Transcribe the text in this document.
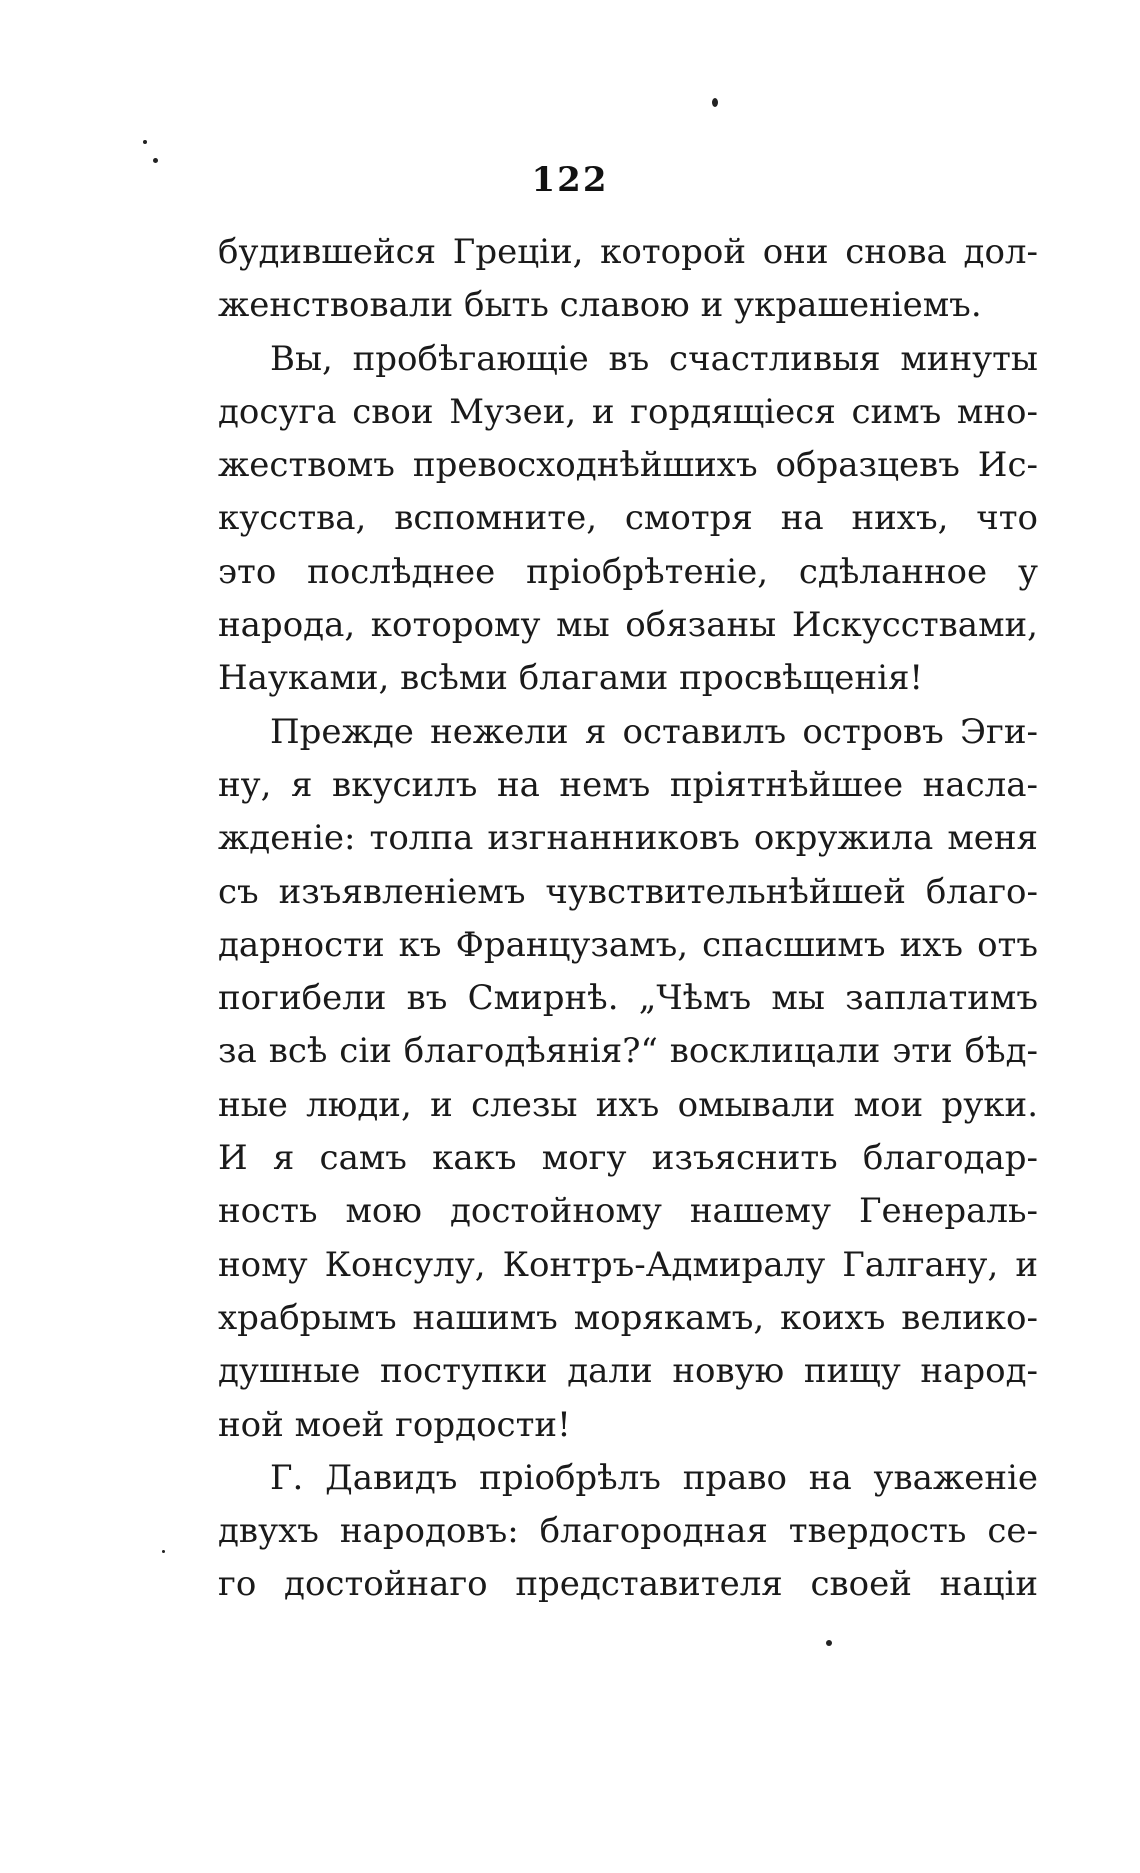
122
будившейся Грецiи, которой они снова дол-
женствовали быть славою и украшенiемъ.
Вы, пробѣгающiе въ счастливыя минуты
досуга свои Музеи, и гордящiеся симъ мно-
жествомъ превосходнѣйшихъ образцевъ Ис-
кусства, вспомните, смотря на нихъ, что
это послѣднее прiобрѣтенiе, сдѣланное у
народа, которому мы обязаны Искусствами,
Науками, всѣми благами просвѣщенiя!
Прежде нежели я оставилъ островъ Эги-
ну, я вкусилъ на немъ прiятнѣйшее насла-
жденiе: толпа изгнанниковъ окружила меня
съ изъявленiемъ чувствительнѣйшей благо-
дарности къ Французамъ, спасшимъ ихъ отъ
погибели въ Смирнѣ. „Чѣмъ мы заплатимъ
за всѣ сiи благодѣянiя?“ восклицали эти бѣд-
ные люди, и слезы ихъ омывали мои руки.
И я самъ какъ могу изъяснить благодар-
ность мою достойному нашему Генераль-
ному Консулу, Контръ-Адмиралу Галгану, и
храбрымъ нашимъ морякамъ, коихъ велико-
душные поступки дали новую пищу народ-
ной моей гордости!
Г. Давидъ прiобрѣлъ право на уваженiе
двухъ народовъ: благородная твердость се-
го достойнаго представителя своей нацiи
